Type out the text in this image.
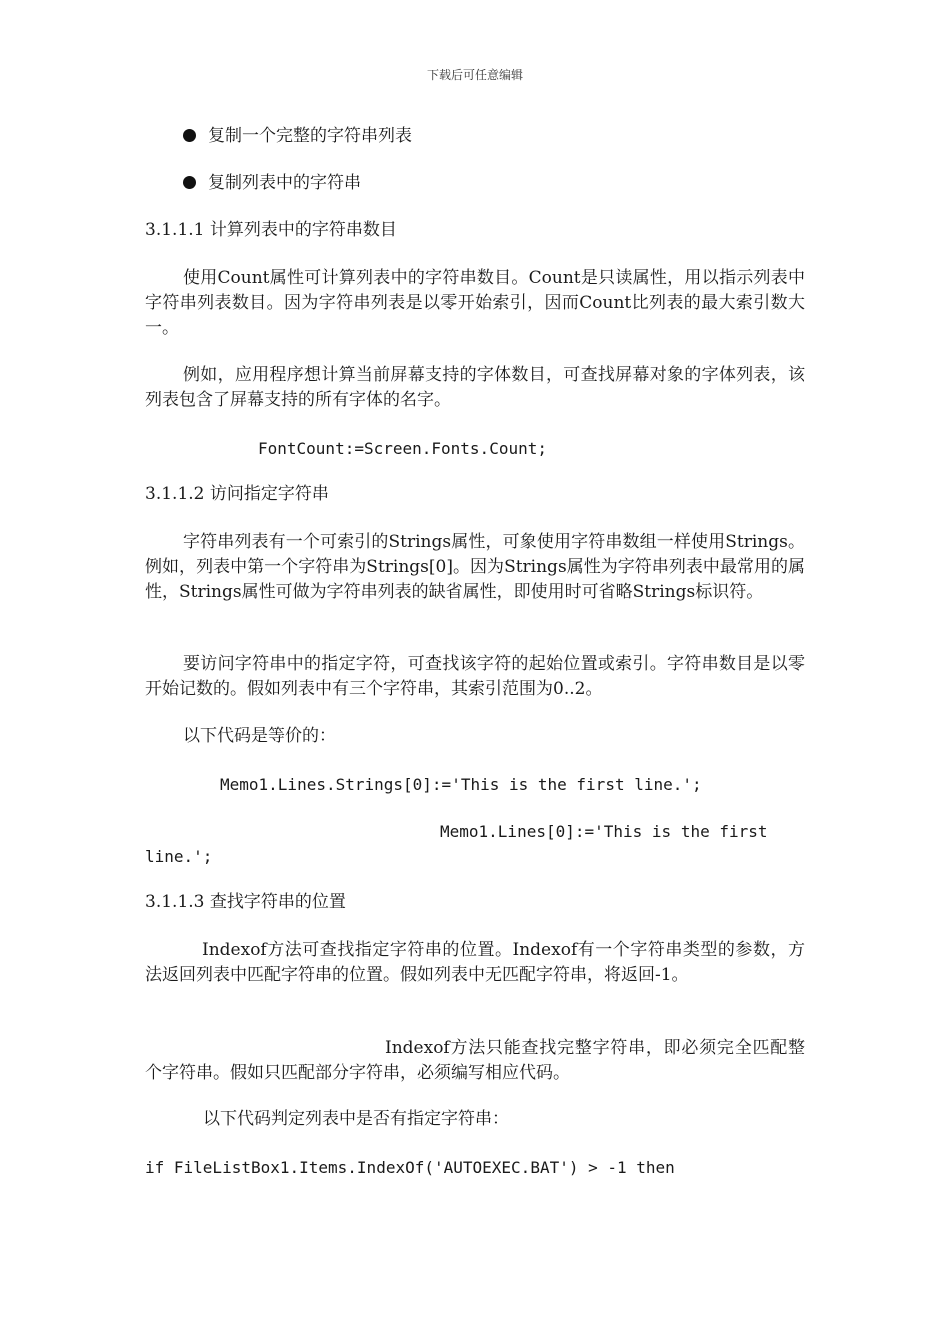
下载后可任意编辑
复制一个完整的字符串列表
复制列表中的字符串
3.1.1.1 计算列表中的字符串数目
使用Count属性可计算列表中的字符串数目。Count是只读属性，用以指示列表中字符串列表数目。因为字符串列表是以零开始索引，因而Count比列表的最大索引数大一。
例如，应用程序想计算当前屏幕支持的字体数目，可查找屏幕对象的字体列表，该列表包含了屏幕支持的所有字体的名字。
FontCount:=Screen.Fonts.Count;
3.1.1.2 访问指定字符串
字符串列表有一个可索引的Strings属性，可象使用字符串数组一样使用Strings。例如，列表中第一个字符串为Strings[0]。因为Strings属性为字符串列表中最常用的属性，Strings属性可做为字符串列表的缺省属性，即使用时可省略Strings标识符。
要访问字符串中的指定字符，可查找该字符的起始位置或索引。字符串数目是以零开始记数的。假如列表中有三个字符串，其索引范围为0..2。
以下代码是等价的：
Memo1.Lines.Strings[0]:='This is the first line.';
Memo1.Lines[0]:='This is the first
line.';
3.1.1.3 查找字符串的位置
Indexof方法可查找指定字符串的位置。Indexof有一个字符串类型的参数，方法返回列表中匹配字符串的位置。假如列表中无匹配字符串，将返回-1。
Indexof方法只能查找完整字符串，即必须完全匹配整个字符串。假如只匹配部分字符串，必须编写相应代码。
以下代码判定列表中是否有指定字符串：
if FileListBox1.Items.IndexOf('AUTOEXEC.BAT') > -1 then
